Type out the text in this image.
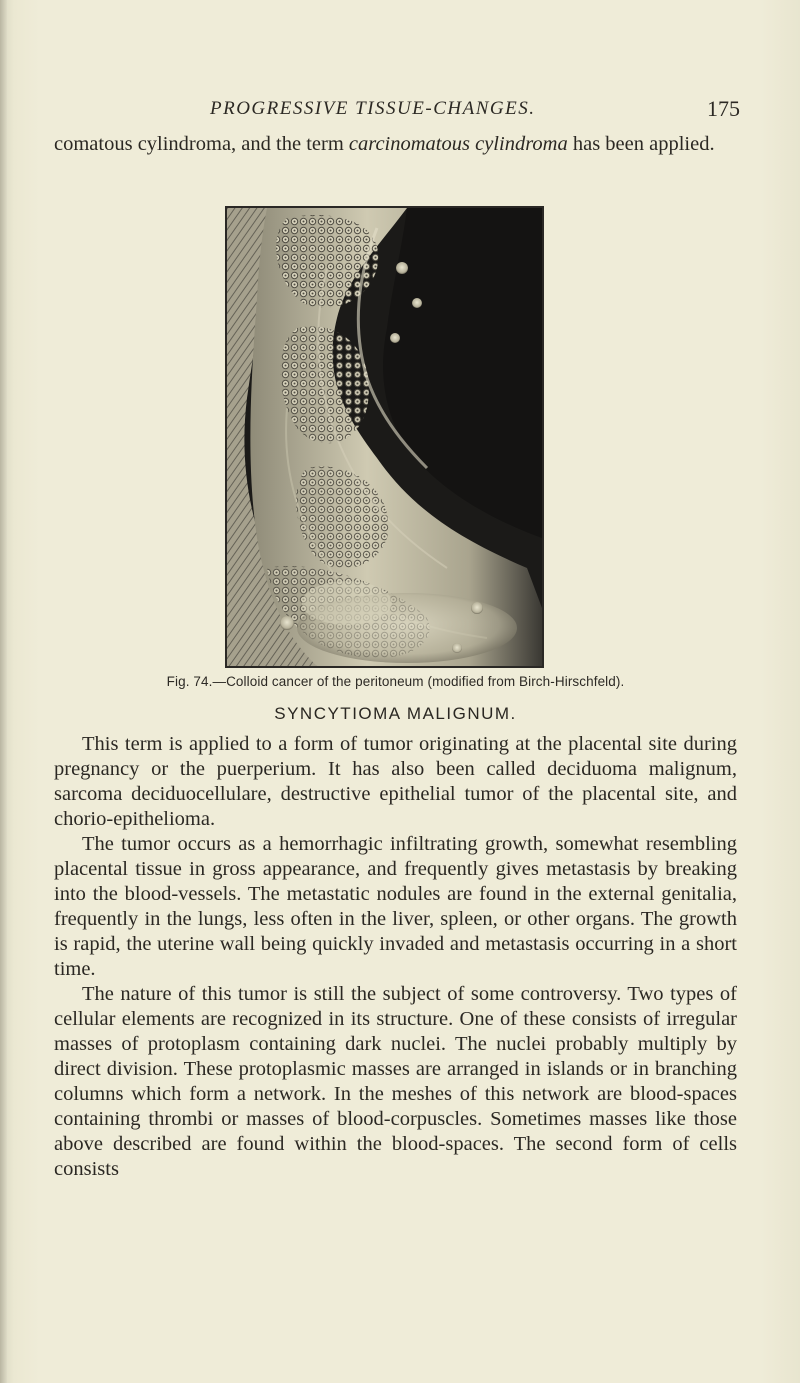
PROGRESSIVE TISSUE-CHANGES.	175
comatous cylindroma, and the term carcinomatous cylindroma has been applied.
Fig. 74.—Colloid cancer of the peritoneum (modified from Birch-Hirschfeld).
SYNCYTIOMA MALIGNUM.

This term is applied to a form of tumor originating at the placental site during pregnancy or the puerperium. It has also been called deciduoma malignum, sarcoma deciduocellulare, destructive epithelial tumor of the placental site, and chorio-epithelioma.

The tumor occurs as a hemorrhagic infiltrating growth, somewhat resembling placental tissue in gross appearance, and frequently gives metastasis by breaking into the blood-vessels. The metastatic nodules are found in the external genitalia, frequently in the lungs, less often in the liver, spleen, or other organs. The growth is rapid, the uterine wall being quickly invaded and metastasis occurring in a short time.

The nature of this tumor is still the subject of some controversy. Two types of cellular elements are recognized in its structure. One of these consists of irregular masses of protoplasm containing dark nuclei. The nuclei probably multiply by direct division. These protoplasmic masses are arranged in islands or in branching columns which form a network. In the meshes of this network are blood-spaces containing thrombi or masses of blood-corpuscles. Sometimes masses like those above described are found within the blood-spaces. The second form of cells consists
